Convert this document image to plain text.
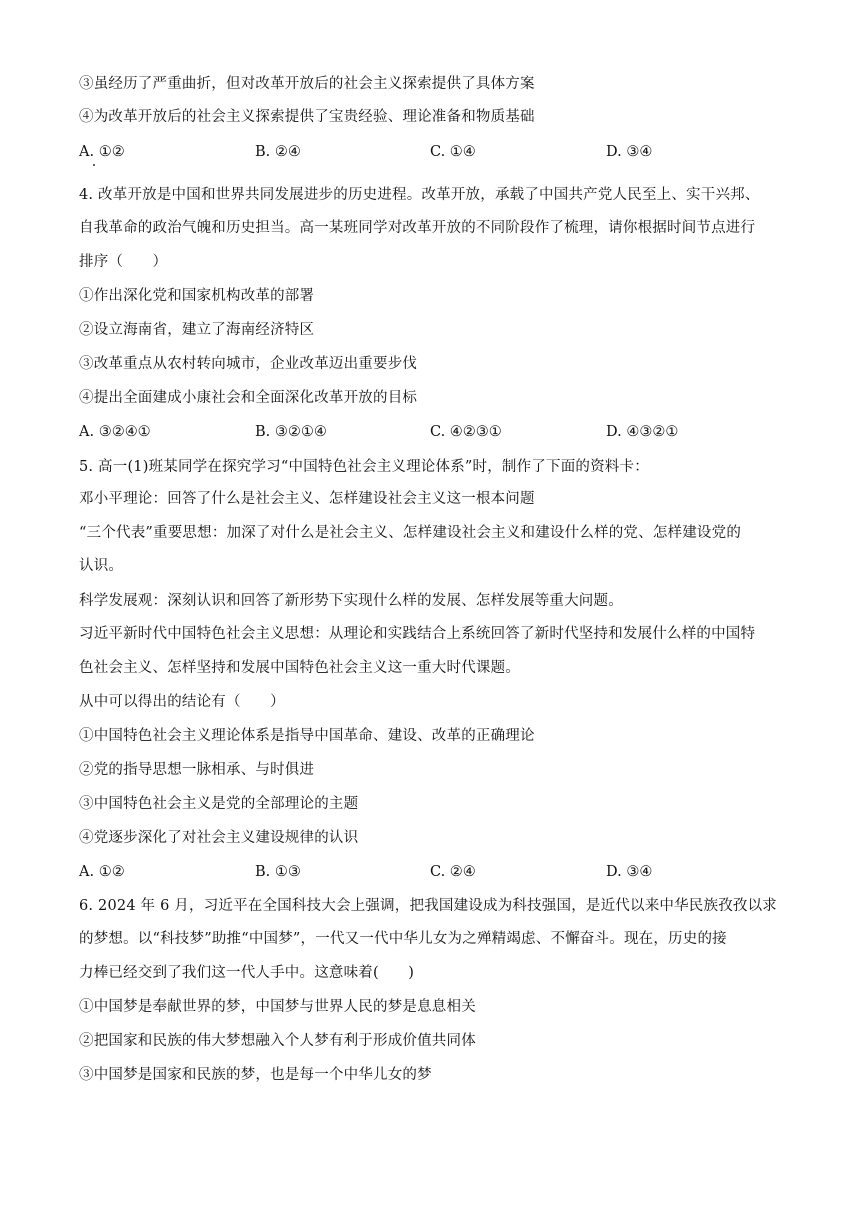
③虽经历了严重曲折，但对改革开放后的社会主义探索提供了具体方案
④为改革开放后的社会主义探索提供了宝贵经验、理论准备和物质基础
A. ①②	B. ②④	C. ①④	D. ③④
4. 改革开放是中国和世界共同发展进步的历史进程。改革开放，承载了中国共产党人民至上、实干兴邦、
自我革命的政治气魄和历史担当。高一某班同学对改革开放的不同阶段作了梳理，请你根据时间节点进行
排序（　　）
①作出深化党和国家机构改革的部署
②设立海南省，建立了海南经济特区
③改革重点从农村转向城市，企业改革迈出重要步伐
④提出全面建成小康社会和全面深化改革开放的目标
A. ③②④①	B. ③②①④	C. ④②③①	D. ④③②①
5. 高一(1)班某同学在探究学习“中国特色社会主义理论体系”时，制作了下面的资料卡：
邓小平理论：回答了什么是社会主义、怎样建设社会主义这一根本问题
“三个代表”重要思想：加深了对什么是社会主义、怎样建设社会主义和建设什么样的党、怎样建设党的
认识。
科学发展观：深刻认识和回答了新形势下实现什么样的发展、怎样发展等重大问题。
习近平新时代中国特色社会主义思想：从理论和实践结合上系统回答了新时代坚持和发展什么样的中国特
色社会主义、怎样坚持和发展中国特色社会主义这一重大时代课题。
从中可以得出的结论有（　　）
①中国特色社会主义理论体系是指导中国革命、建设、改革的正确理论
②党的指导思想一脉相承、与时俱进
③中国特色社会主义是党的全部理论的主题
④党逐步深化了对社会主义建设规律的认识
A. ①②	B. ①③	C. ②④	D. ③④
6. 2024 年 6 月，习近平在全国科技大会上强调，把我国建设成为科技强国，是近代以来中华民族孜孜以求
的梦想。以“科技梦”助推“中国梦”，一代又一代中华儿女为之殚精竭虑、不懈奋斗。现在，历史的接
力棒已经交到了我们这一代人手中。这意味着(　　)
①中国梦是奉献世界的梦，中国梦与世界人民的梦是息息相关
②把国家和民族的伟大梦想融入个人梦有利于形成价值共同体
③中国梦是国家和民族的梦，也是每一个中华儿女的梦
